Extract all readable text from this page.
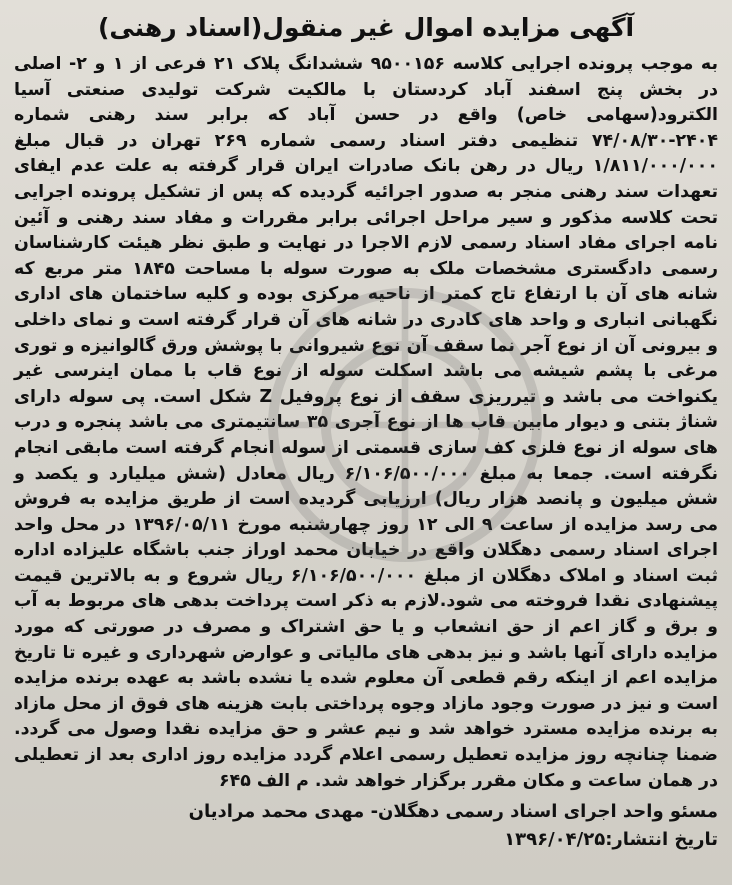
آگهی مزایده اموال غیر منقول(اسناد رهنی)

به موجب پرونده اجرایی کلاسه ۹۵۰۰۱۵۶ ششدانگ پلاک ۲۱ فرعی از ۱ و ۲- اصلی در بخش پنج اسفند آباد کردستان با مالکیت شرکت تولیدی صنعتی آسیا الکترود(سهامی خاص) واقع در حسن آباد که برابر سند رهنی شماره ۲۴۰۴-۷۴/۰۸/۳۰ تنظیمی دفتر اسناد رسمی شماره ۲۶۹ تهران در قبال مبلغ ۱/۸۱۱/۰۰۰/۰۰۰ ریال در رهن بانک صادرات ایران قرار گرفته به علت عدم ایفای تعهدات سند رهنی منجر به صدور اجرائیه گردیده که پس از تشکیل پرونده اجرایی تحت کلاسه مذکور و سیر مراحل اجرائی برابر مقررات و مفاد سند رهنی و آئین نامه اجرای مفاد اسناد رسمی لازم الاجرا در نهایت و طبق نظر هیئت کارشناسان رسمی دادگستری مشخصات ملک به صورت سوله با مساحت ۱۸۴۵ متر مربع که شانه های آن با ارتفاع تاج کمتر از ناحیه مرکزی بوده و کلیه ساختمان های اداری نگهبانی انباری و واحد های کادری در شانه های آن قرار گرفته است و نمای داخلی و بیرونی آن از نوع آجر نما سقف آن نوع شیروانی با پوشش ورق گالوانیزه و توری مرغی با پشم شیشه می باشد اسکلت سوله از نوع قاب با ممان اینرسی غیر یکنواخت می باشد و تیرریزی سقف از نوع پروفیل Z شکل است. پی سوله دارای شناژ بتنی و دیوار مابین قاب ها از نوع آجری ۳۵ سانتیمتری می باشد پنجره و درب های سوله از نوع فلزی کف سازی قسمتی از سوله انجام گرفته است مابقی انجام نگرفته است. جمعا به مبلغ ۶/۱۰۶/۵۰۰/۰۰۰ ریال معادل (شش میلیارد و یکصد و شش میلیون و پانصد هزار ریال) ارزیابی گردیده است از طریق مزایده به فروش می رسد مزایده از ساعت ۹ الی ۱۲ روز چهارشنبه مورخ ۱۳۹۶/۰۵/۱۱ در محل واحد اجرای اسناد رسمی دهگلان واقع در خیابان محمد اوراز جنب باشگاه علیزاده اداره ثبت اسناد و املاک دهگلان از مبلغ ۶/۱۰۶/۵۰۰/۰۰۰ ریال شروع و به بالاترین قیمت پیشنهادی نقدا فروخته می شود.لازم به ذکر است پرداخت بدهی های مربوط به آب و برق و گاز اعم از حق انشعاب و یا حق اشتراک و مصرف در صورتی که مورد مزایده دارای آنها باشد و نیز بدهی های مالیاتی و عوارض شهرداری و غیره تا تاریخ مزایده اعم از اینکه رقم قطعی آن معلوم شده یا نشده باشد به عهده برنده مزایده است و نیز در صورت وجود مازاد وجوه پرداختی بابت هزینه های فوق از محل مازاد به برنده مزایده مسترد خواهد شد و نیم عشر و حق مزایده نقدا وصول می گردد. ضمنا چنانچه روز مزایده تعطیل رسمی اعلام گردد مزایده روز اداری بعد از تعطیلی در همان ساعت و مکان مقرر برگزار خواهد شد. م الف ۶۴۵

مسئو واحد اجرای اسناد رسمی دهگلان- مهدی محمد مرادیان
تاریخ انتشار:۱۳۹۶/۰۴/۲۵
